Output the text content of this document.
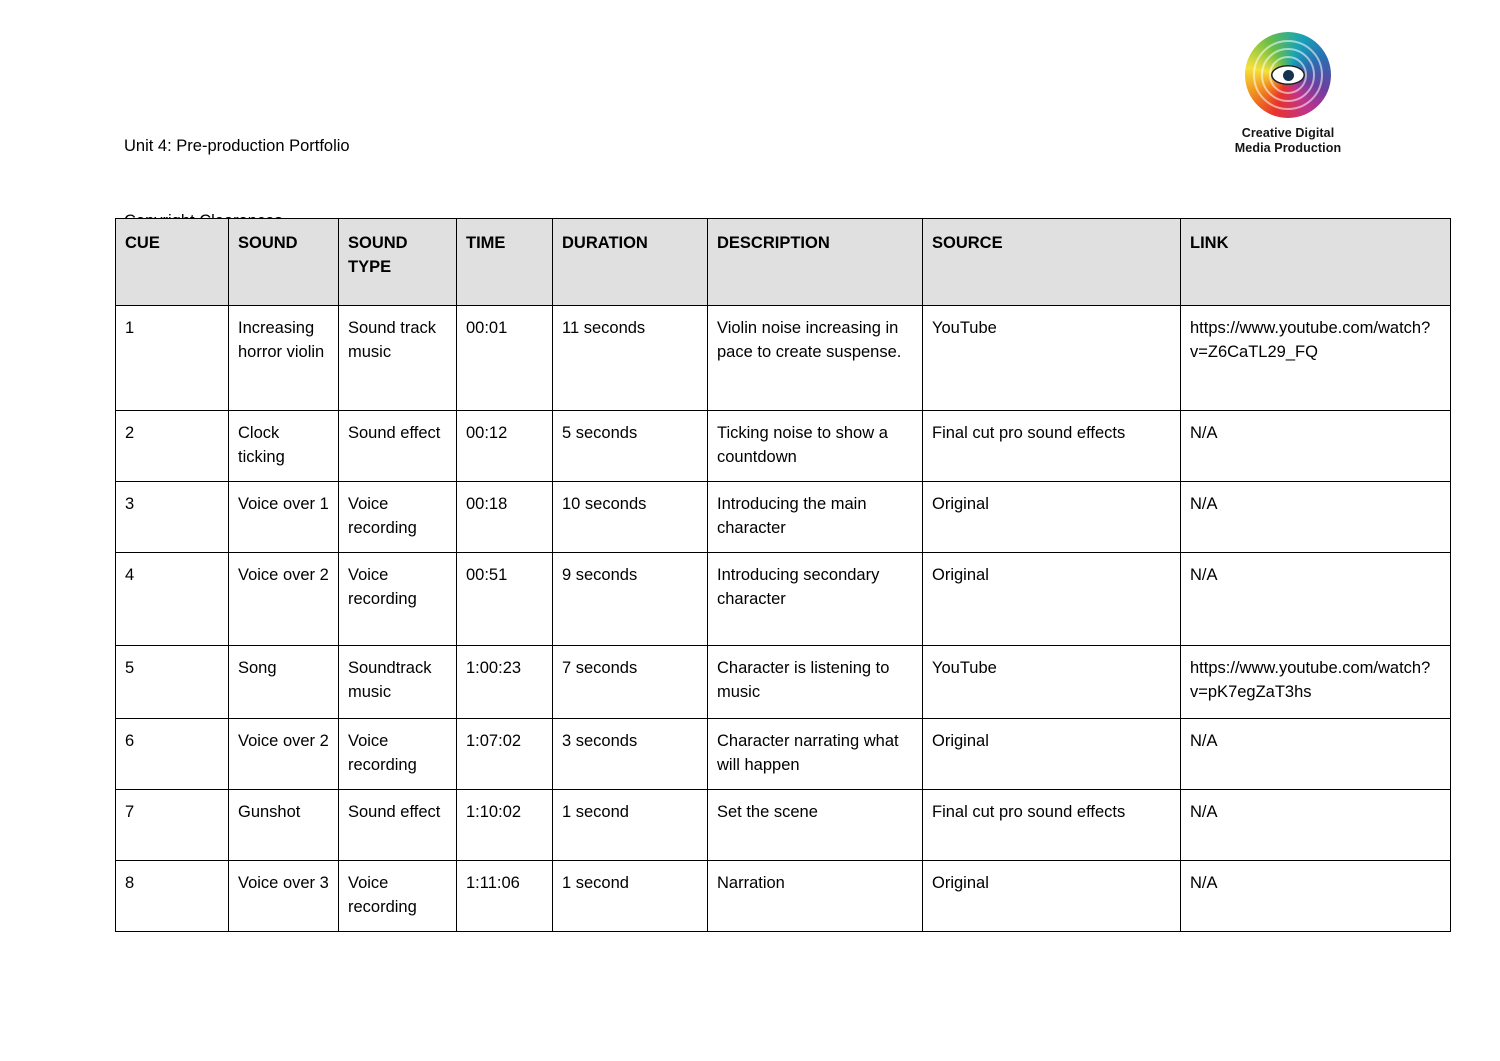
Unit 4: Pre-production Portfolio

Creative Digital
Media Production
CUE	SOUND	SOUND TYPE	TIME	DURATION	DESCRIPTION	SOURCE	LINK
1	Increasing horror violin	Sound track music	00:01	11 seconds	Violin noise increasing in pace to create suspense.	YouTube	https://www.youtube.com/watch?v=Z6CaTL29_FQ
2	Clock ticking	Sound effect	00:12	5 seconds	Ticking noise to show a countdown	Final cut pro sound effects	N/A
3	Voice over 1	Voice recording	00:18	10 seconds	Introducing the main character	Original	N/A
4	Voice over 2	Voice recording	00:51	9 seconds	Introducing secondary character	Original	N/A
5	Song	Soundtrack music	1:00:23	7 seconds	Character is listening to music	YouTube	https://www.youtube.com/watch?v=pK7egZaT3hs
6	Voice over 2	Voice recording	1:07:02	3 seconds	Character narrating what will happen	Original	N/A
7	Gunshot	Sound effect	1:10:02	1 second	Set the scene	Final cut pro sound effects	N/A
8	Voice over 3	Voice recording	1:11:06	1 second	Narration	Original	N/A
